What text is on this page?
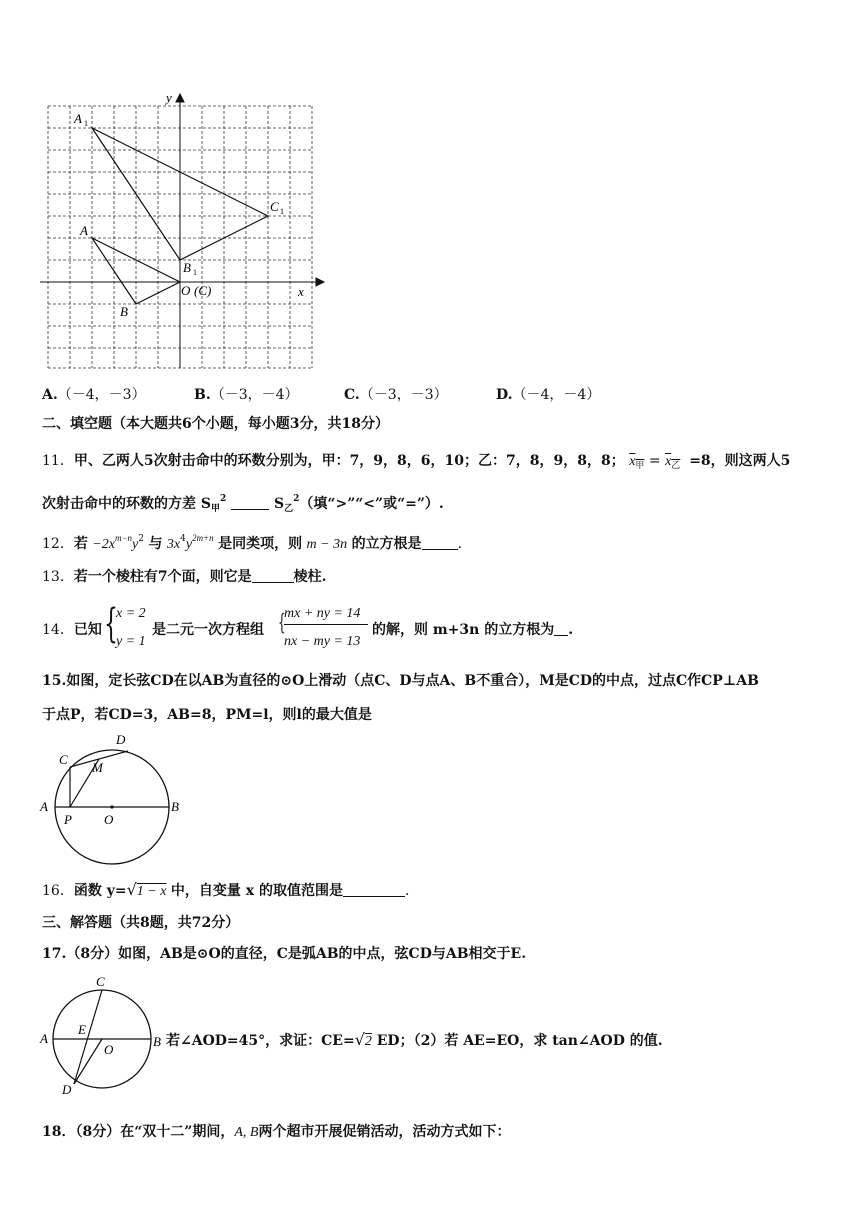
A 1
C 1
A
B 1
O (C)
B
x
y
A.（－4，－3）	B.（－3，－4）	C.（－3，－3）	D.（－4，－4）
二、填空题（本大题共6个小题，每小题3分，共18分）
11．甲、乙两人5次射击命中的环数分别为，甲：7，9，8，6，10；乙：7，8，9，8，8； $x_甲 = x_乙 =8$，则这两人5
次射击命中的环数的方差 $S_甲^2$	$S_乙^2$（填“>”“<”或“=”）.
12．若 $-2x^{m-n}y^2$ 与 $3x^4y^{2m+n}$ 是同类项，则 m − 3n 的立方根是	.
13．若一个棱柱有7个面，则它是	棱柱.
14．已知 {
x = 2
y = 1
是二元一次方程组 {
mx + ny = 14
nx − my = 13
的解，则 m+3n 的立方根为 .
15.如图，定长弦CD在以AB为直径的⊙O上滑动（点C、D与点A、B不重合），M是CD的中点，过点C作CP⊥AB
于点P，若CD=3，AB=8，PM=l，则l的最大值是
A	B
C
D
M
P O
16．函数 y=√1 − x 中，自变量 x 的取值范围是	.
三、解答题（共8题，共72分）
17.（8分）如图，AB是⊙O的直径，C是弧AB的中点，弦CD与AB相交于E.
A	B
C
D
E
O
若∠AOD=45°，求证：CE=√2 ED；（2）若 AE=EO，求 tan∠AOD 的值.
18．（8分）在“双十二”期间，A, B两个超市开展促销活动，活动方式如下：
